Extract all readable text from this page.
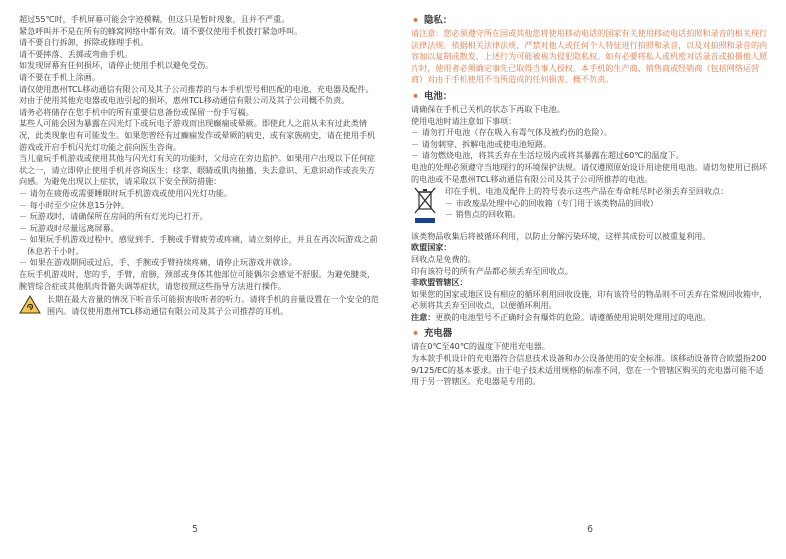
超过55℃时，手机屏幕可能会字迹模糊，但这只是暂时现象，且并不严重。

紧急呼叫并不是在所有的蜂窝网络中都有效。请不要仅使用手机拨打紧急呼叫。

请不要自行拆卸，拆除或修理手机。

请不要摔落、丢掷或弯曲手机。

如发现屏幕有任何损坏，请停止使用手机以避免受伤。

请不要在手机上涂画。

请仅使用惠州TCL移动通信有限公司及其子公司推荐的与本手机型号相匹配的电池、充电器及配件。对由于使用其他充电器或电池引起的损坏，惠州TCL移动通信有限公司及其子公司概不负责。

请务必将储存在您手机中的所有重要信息备份或保留一份手写稿。

某些人可能会因为暴露在闪光灯下或玩电子游戏而出现癫痫或晕厥。即使此人之前从未有过此类情况，此类现象也有可能发生。如果您曾经有过癫痫发作或晕厥的病史，或有家族病史，请在使用手机游戏或开启手机闪光灯功能之前向医生咨询。

当儿童玩手机游戏或使用其他与闪光灯有关的功能时，父母应在旁边监护。如果用户出现以下任何症状之一，请立即停止使用手机并咨询医生：痉挛、眼睛或肌肉抽搐、失去意识、无意识动作或丧失方向感。为避免出现以上症状，请采取以下安全预防措施：

－ 请勿在疲倦或需要睡眠时玩手机游戏或使用闪光灯功能。

－ 每小时至少应休息15分钟。

－ 玩游戏时，请确保所在房间的所有灯光均已打开。

－ 玩游戏时尽量远离屏幕。

－ 如果玩手机游戏过程中，感觉到手、手腕或手臂疲劳或疼痛，请立刻停止，并且在再次玩游戏之前休息若干小时。

－ 如果在游戏期间或过后，手、手腕或手臂持续疼痛，请停止玩游戏并就诊。

在玩手机游戏时，您的手，手臂，肩膀，颈部或身体其他部位可能偶尔会感觉不舒服。为避免腱炎，腕管综合症或其他肌肉骨骼失调等症状，请您按照这些指导方法进行操作。

长期在最大音量的情况下听音乐可能损害收听者的听力。请将手机的音量设置在一个安全的范围内。请仅使用惠州TCL移动通信有限公司及其子公司推荐的耳机。

5
• 隐私：

请注意：您必须遵守所在国或其他您将使用移动电话的国家有关使用移动电话拍照和录音的相关现行法律法规。依据相关法律法规，严禁对他人或任何个人特征进行拍照和录音，以及对拍照和录音的内容加以复制或散发，上述行为可能被视为侵犯隐私权。如有必要将私人或机密对话录音或拍摄他人照片时，使用者必须确定事先已取得当事人授权。本手机的生产商、销售商或经销商（包括网络运营商）对由于手机使用不当所造成的任何损害，概不负责。

• 电池：

请确保在手机已关机的状态下再取下电池。

使用电池时请注意如下事项：

－ 请勿打开电池（存在吸入有毒气体及被灼伤的危险）。

－ 请勿刺穿、拆解电池或使电池短路。

－ 请勿燃烧电池，将其丢弃在生活垃圾内或将其暴露在超过60℃的温度下。

电池的处理必须遵守当地现行的环境保护法规。请仅遵照原始设计用途使用电池。请切勿使用已损坏的电池或不是惠州TCL移动通信有限公司及其子公司所推荐的电池。

印在手机、电池及配件上的符号表示这些产品在寿命耗尽时必须丢弃至回收点：

－ 市政废品处理中心的回收箱（专门用于该类物品的回收）

－ 销售点的回收箱。

该类物品收集后将被循环利用，以防止分解污染环境，这样其成份可以被重复利用。

欧盟国家：

回收点是免费的。

印有该符号的所有产品都必须丢弃至回收点。

非欧盟管辖区：

如果您的国家或地区设有相应的循环利用回收设施，印有该符号的物品则不可丢弃在常规回收箱中，必须将其丢弃至回收点，以便循环利用。

注意：更换的电池型号不正确时会有爆炸的危险。请遵循使用说明处理用过的电池。

• 充电器

请在0℃至40℃的温度下使用充电器。

为本款手机设计的充电器符合信息技术设备和办公设备使用的安全标准。该移动设备符合欧盟指2009/125/EC的基本要求。由于电子技术适用规格的标准不同，您在一个管辖区购买的充电器可能不适用于另一管辖区。充电器是专用的。

6
